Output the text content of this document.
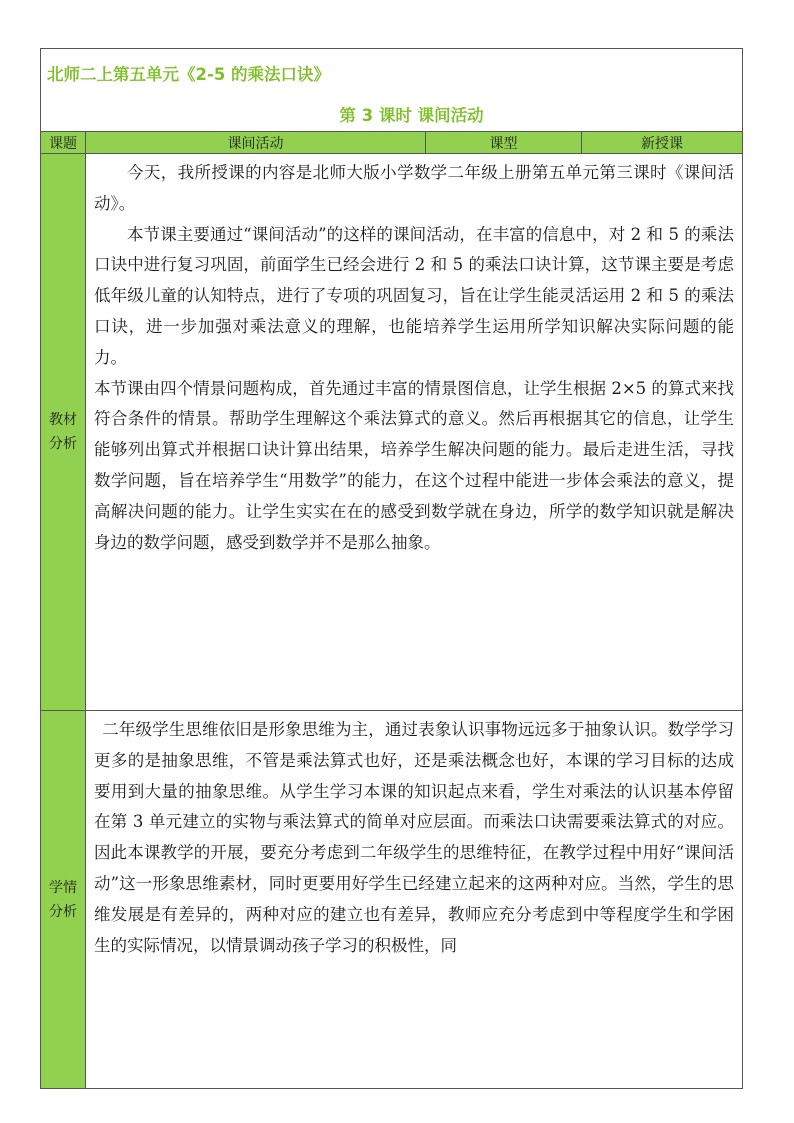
北师二上第五单元《2-5 的乘法口诀》
第 3 课时 课间活动
课题	课间活动	课型	新授课
教材
分析

今天，我所授课的内容是北师大版小学数学二年级上册第五单元第三课时《课间活动》。

本节课主要通过“课间活动”的这样的课间活动，在丰富的信息中，对 2 和 5 的乘法口诀中进行复习巩固，前面学生已经会进行 2 和 5 的乘法口诀计算，这节课主要是考虑低年级儿童的认知特点，进行了专项的巩固复习，旨在让学生能灵活运用 2 和 5 的乘法口诀，进一步加强对乘法意义的理解，也能培养学生运用所学知识解决实际问题的能力。

本节课由四个情景问题构成，首先通过丰富的情景图信息，让学生根据 2×5 的算式来找符合条件的情景。帮助学生理解这个乘法算式的意义。然后再根据其它的信息，让学生能够列出算式并根据口诀计算出结果，培养学生解决问题的能力。最后走进生活，寻找数学问题，旨在培养学生“用数学”的能力，在这个过程中能进一步体会乘法的意义，提高解决问题的能力。让学生实实在在的感受到数学就在身边，所学的数学知识就是解决身边的数学问题，感受到数学并不是那么抽象。

学情
分析

二年级学生思维依旧是形象思维为主，通过表象认识事物远远多于抽象认识。数学学习更多的是抽象思维，不管是乘法算式也好，还是乘法概念也好，本课的学习目标的达成要用到大量的抽象思维。从学生学习本课的知识起点来看，学生对乘法的认识基本停留在第 3 单元建立的实物与乘法算式的简单对应层面。而乘法口诀需要乘法算式的对应。因此本课教学的开展，要充分考虑到二年级学生的思维特征，在教学过程中用好“课间活动”这一形象思维素材，同时更要用好学生已经建立起来的这两种对应。当然，学生的思维发展是有差异的，两种对应的建立也有差异，教师应充分考虑到中等程度学生和学困生的实际情况，以情景调动孩子学习的积极性，同
